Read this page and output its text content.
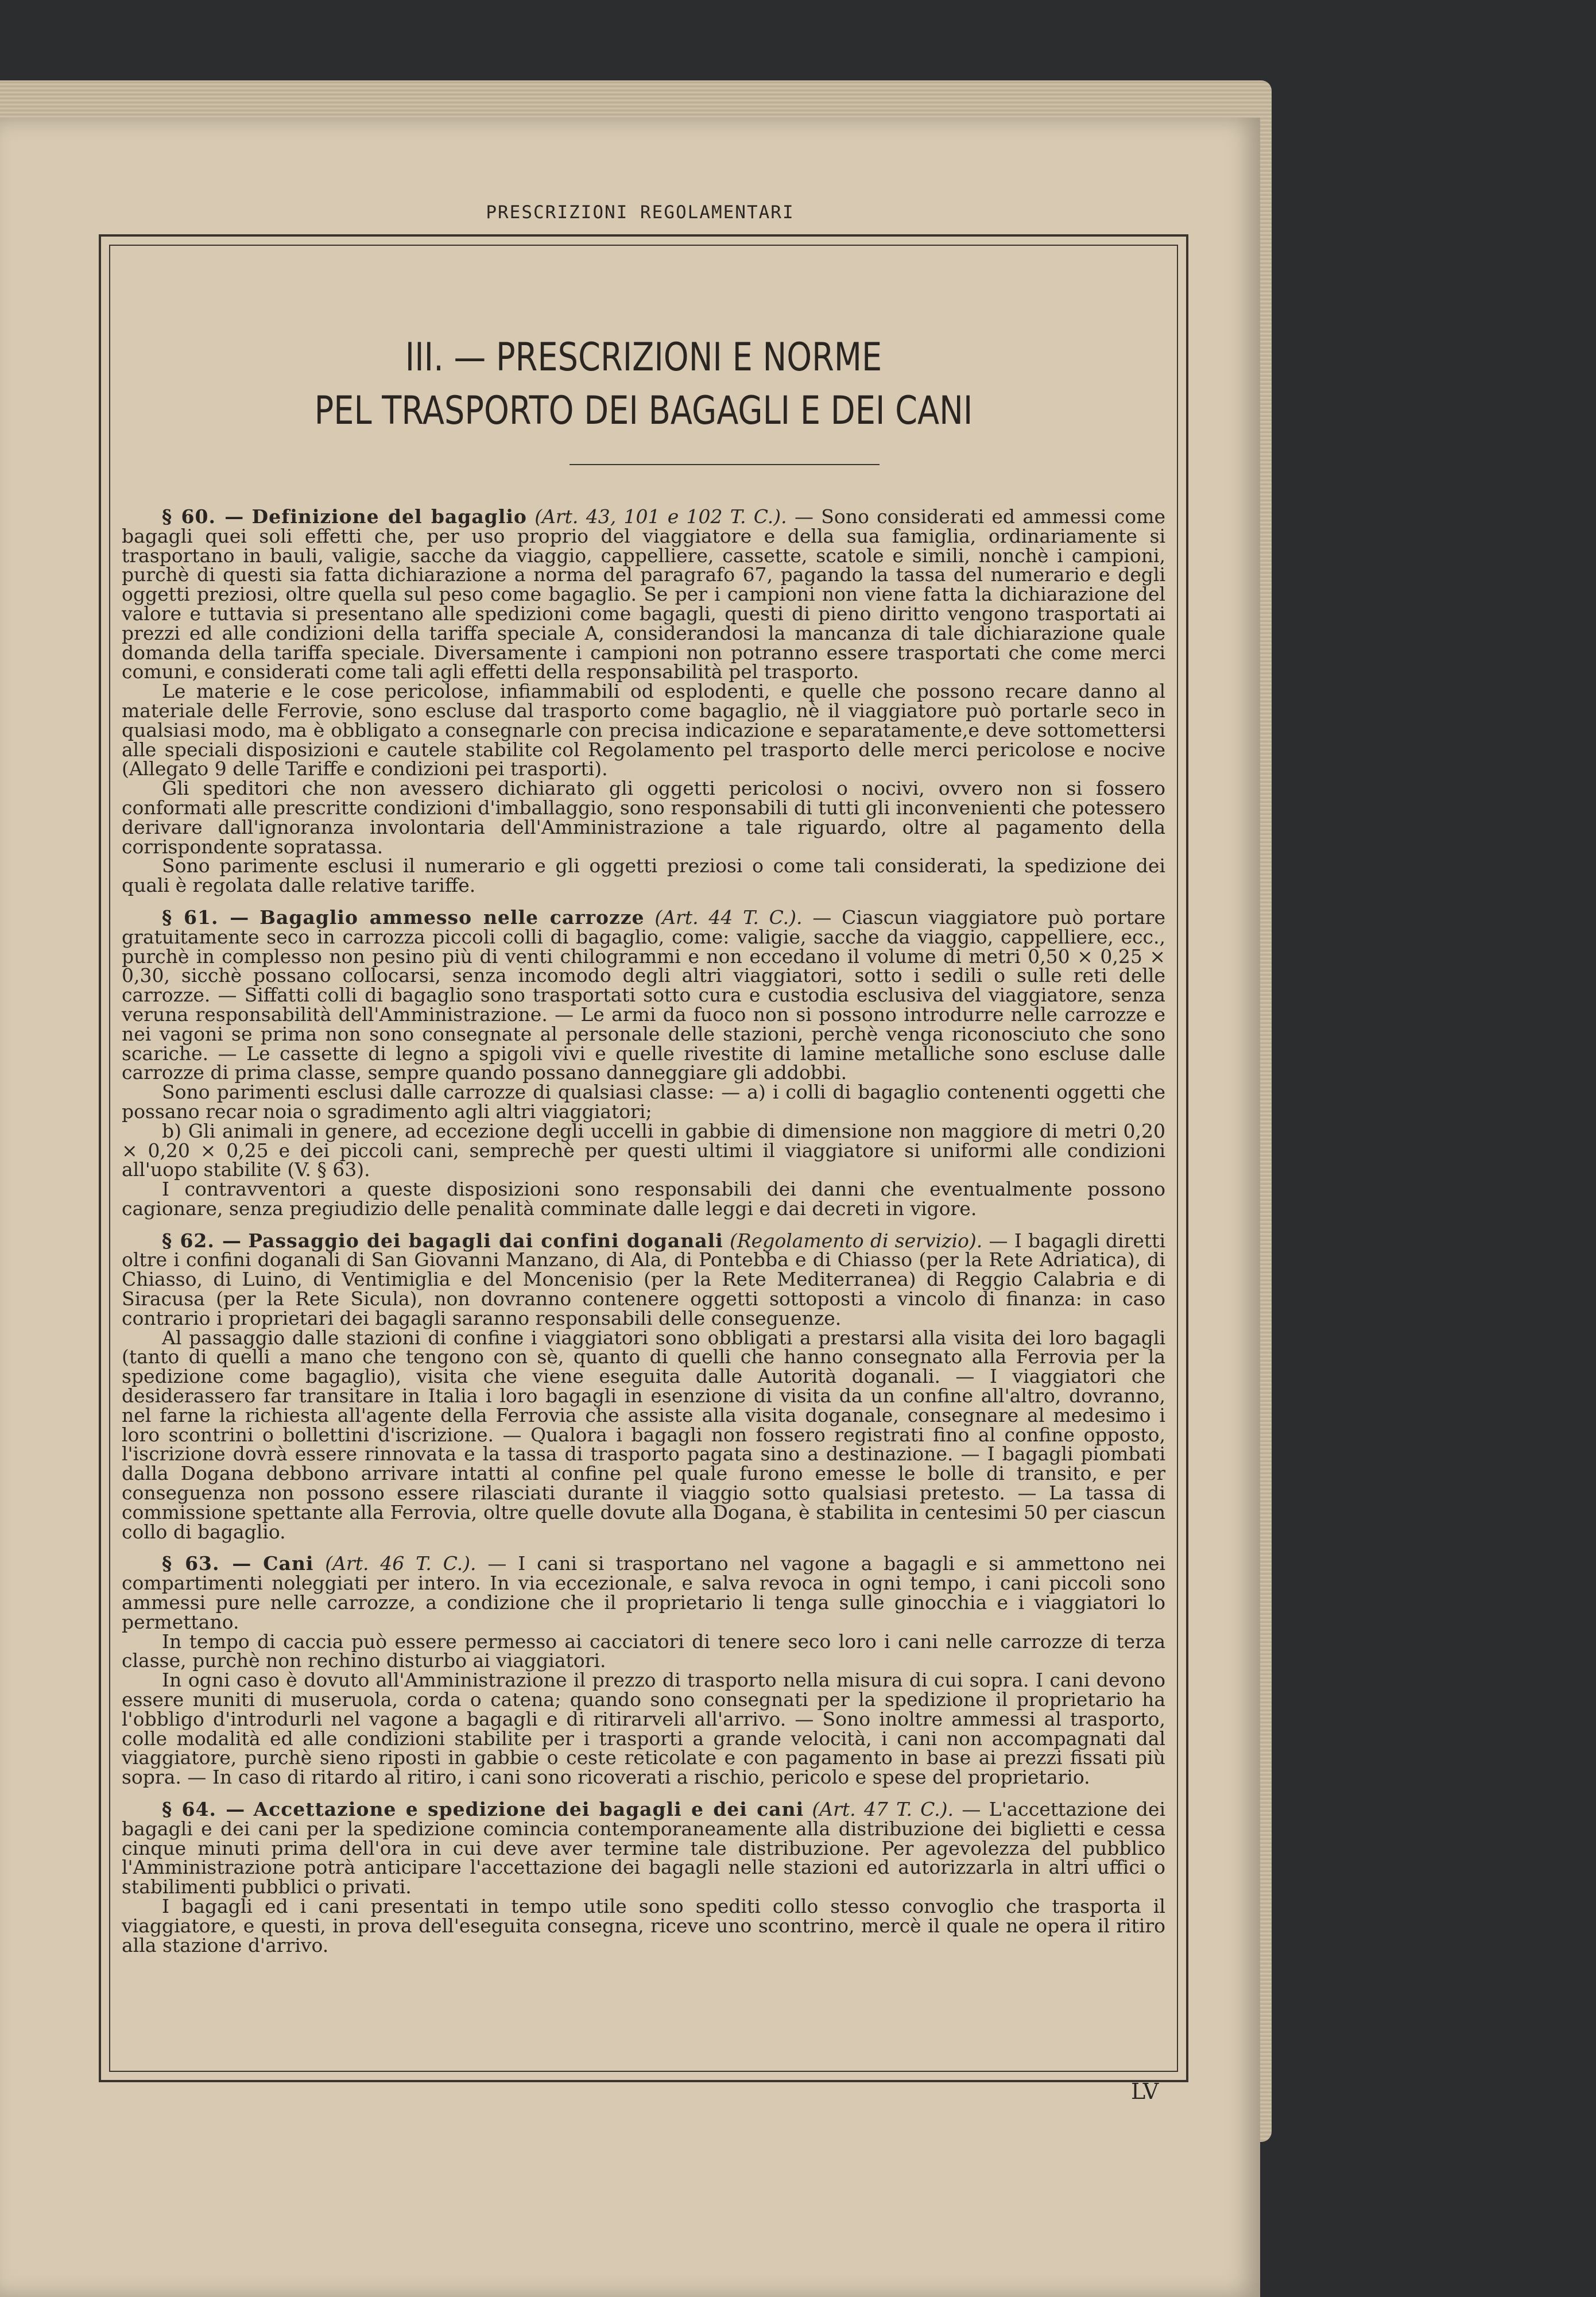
PRESCRIZIONI REGOLAMENTARI
III. — PRESCRIZIONI E NORME
PEL TRASPORTO DEI BAGAGLI E DEI CANI

§ 60. — Definizione del bagaglio (Art. 43, 101 e 102 T. C.). — Sono considerati ed ammessi come bagagli quei soli effetti che, per uso proprio del viaggiatore e della sua famiglia, ordinariamente si trasportano in bauli, valigie, sacche da viaggio, cappelliere, cassette, scatole e simili, nonchè i campioni, purchè di questi sia fatta dichiarazione a norma del paragrafo 67, pagando la tassa del numerario e degli oggetti preziosi, oltre quella sul peso come bagaglio. Se per i campioni non viene fatta la dichiarazione del valore e tuttavia si presentano alle spedizioni come bagagli, questi di pieno diritto vengono trasportati ai prezzi ed alle condizioni della tariffa speciale A, considerandosi la mancanza di tale dichiarazione quale domanda della tariffa speciale. Diversamente i campioni non potranno essere trasportati che come merci comuni, e considerati come tali agli effetti della responsabilità pel trasporto.

Le materie e le cose pericolose, infiammabili od esplodenti, e quelle che possono recare danno al materiale delle Ferrovie, sono escluse dal trasporto come bagaglio, nè il viaggiatore può portarle seco in qualsiasi modo, ma è obbligato a consegnarle con precisa indicazione e separatamente,e deve sottomettersi alle speciali disposizioni e cautele stabilite col Regolamento pel trasporto delle merci pericolose e nocive (Allegato 9 delle Tariffe e condizioni pei trasporti).

Gli speditori che non avessero dichiarato gli oggetti pericolosi o nocivi, ovvero non si fossero conformati alle prescritte condizioni d'imballaggio, sono responsabili di tutti gli inconvenienti che potessero derivare dall'ignoranza involontaria dell'Amministrazione a tale riguardo, oltre al pagamento della corrispondente sopratassa.

Sono parimente esclusi il numerario e gli oggetti preziosi o come tali considerati, la spedizione dei quali è regolata dalle relative tariffe.

§ 61. — Bagaglio ammesso nelle carrozze (Art. 44 T. C.). — Ciascun viaggiatore può portare gratuitamente seco in carrozza piccoli colli di bagaglio, come: valigie, sacche da viaggio, cappelliere, ecc., purchè in complesso non pesino più di venti chilogrammi e non eccedano il volume di metri 0,50 × 0,25 × 0,30, sicchè possano collocarsi, senza incomodo degli altri viaggiatori, sotto i sedili o sulle reti delle carrozze. — Siffatti colli di bagaglio sono trasportati sotto cura e custodia esclusiva del viaggiatore, senza veruna responsabilità dell'Amministrazione. — Le armi da fuoco non si possono introdurre nelle carrozze e nei vagoni se prima non sono consegnate al personale delle stazioni, perchè venga riconosciuto che sono scariche. — Le cassette di legno a spigoli vivi e quelle rivestite di lamine metalliche sono escluse dalle carrozze di prima classe, sempre quando possano danneggiare gli addobbi.

Sono parimenti esclusi dalle carrozze di qualsiasi classe: — a) i colli di bagaglio contenenti oggetti che possano recar noia o sgradimento agli altri viaggiatori;

b) Gli animali in genere, ad eccezione degli uccelli in gabbie di dimensione non maggiore di metri 0,20 × 0,20 × 0,25 e dei piccoli cani, semprechè per questi ultimi il viaggiatore si uniformi alle condizioni all'uopo stabilite (V. § 63).

I contravventori a queste disposizioni sono responsabili dei danni che eventualmente possono cagionare, senza pregiudizio delle penalità comminate dalle leggi e dai decreti in vigore.

§ 62. — Passaggio dei bagagli dai confini doganali (Regolamento di servizio). — I bagagli diretti oltre i confini doganali di San Giovanni Manzano, di Ala, di Pontebba e di Chiasso (per la Rete Adriatica), di Chiasso, di Luino, di Ventimiglia e del Moncenisio (per la Rete Mediterranea) di Reggio Calabria e di Siracusa (per la Rete Sicula), non dovranno contenere oggetti sottoposti a vincolo di finanza: in caso contrario i proprietari dei bagagli saranno responsabili delle conseguenze.

Al passaggio dalle stazioni di confine i viaggiatori sono obbligati a prestarsi alla visita dei loro bagagli (tanto di quelli a mano che tengono con sè, quanto di quelli che hanno consegnato alla Ferrovia per la spedizione come bagaglio), visita che viene eseguita dalle Autorità doganali. — I viaggiatori che desiderassero far transitare in Italia i loro bagagli in esenzione di visita da un confine all'altro, dovranno, nel farne la richiesta all'agente della Ferrovia che assiste alla visita doganale, consegnare al medesimo i loro scontrini o bollettini d'iscrizione. — Qualora i bagagli non fossero registrati fino al confine opposto, l'iscrizione dovrà essere rinnovata e la tassa di trasporto pagata sino a destinazione. — I bagagli piombati dalla Dogana debbono arrivare intatti al confine pel quale furono emesse le bolle di transito, e per conseguenza non possono essere rilasciati durante il viaggio sotto qualsiasi pretesto. — La tassa di commissione spettante alla Ferrovia, oltre quelle dovute alla Dogana, è stabilita in centesimi 50 per ciascun collo di bagaglio.

§ 63. — Cani (Art. 46 T. C.). — I cani si trasportano nel vagone a bagagli e si ammettono nei compartimenti noleggiati per intero. In via eccezionale, e salva revoca in ogni tempo, i cani piccoli sono ammessi pure nelle carrozze, a condizione che il proprietario li tenga sulle ginocchia e i viaggiatori lo permettano.

In tempo di caccia può essere permesso ai cacciatori di tenere seco loro i cani nelle carrozze di terza classe, purchè non rechino disturbo ai viaggiatori.

In ogni caso è dovuto all'Amministrazione il prezzo di trasporto nella misura di cui sopra. I cani devono essere muniti di museruola, corda o catena; quando sono consegnati per la spedizione il proprietario ha l'obbligo d'introdurli nel vagone a bagagli e di ritirarveli all'arrivo. — Sono inoltre ammessi al trasporto, colle modalità ed alle condizioni stabilite per i trasporti a grande velocità, i cani non accompagnati dal viaggiatore, purchè sieno riposti in gabbie o ceste reticolate e con pagamento in base ai prezzi fissati più sopra. — In caso di ritardo al ritiro, i cani sono ricoverati a rischio, pericolo e spese del proprietario.

§ 64. — Accettazione e spedizione dei bagagli e dei cani (Art. 47 T. C.). — L'accettazione dei bagagli e dei cani per la spedizione comincia contemporaneamente alla distribuzione dei biglietti e cessa cinque minuti prima dell'ora in cui deve aver termine tale distribuzione. Per agevolezza del pubblico l'Amministrazione potrà anticipare l'accettazione dei bagagli nelle stazioni ed autorizzarla in altri uffici o stabilimenti pubblici o privati.

I bagagli ed i cani presentati in tempo utile sono spediti collo stesso convoglio che trasporta il viaggiatore, e questi, in prova dell'eseguita consegna, riceve uno scontrino, mercè il quale ne opera il ritiro alla stazione d'arrivo.

LV
